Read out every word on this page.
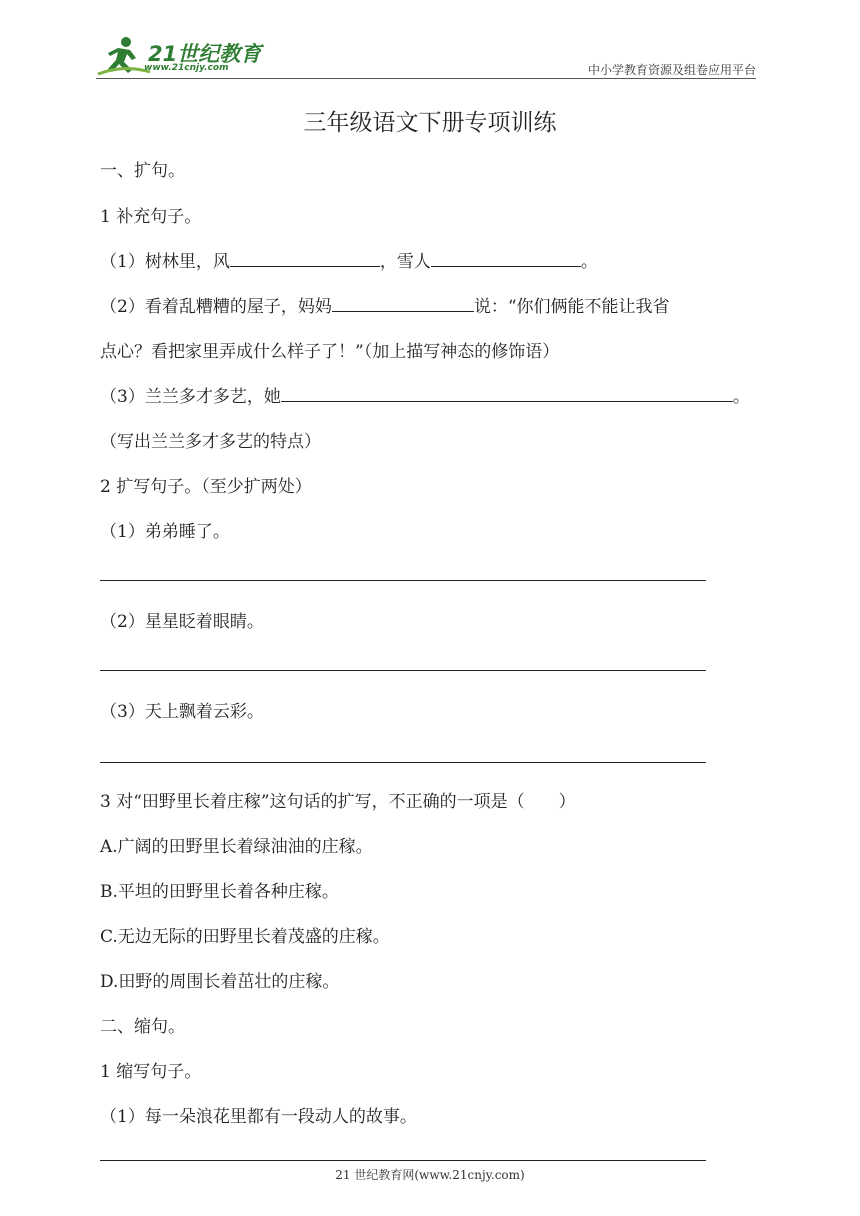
21世纪教育
www.21cnjy.com	中小学教育资源及组卷应用平台
三年级语文下册专项训练
一、扩句。
1 补充句子。
（1）树林里，风	，雪人	。
（2）看着乱糟糟的屋子，妈妈	说：“你们俩能不能让我省
点心？看把家里弄成什么样子了！”（加上描写神态的修饰语）
（3）兰兰多才多艺，她	。
（写出兰兰多才多艺的特点）
2 扩写句子。（至少扩两处）
（1）弟弟睡了。
（2）星星眨着眼睛。
（3）天上飘着云彩。
3 对“田野里长着庄稼”这句话的扩写，不正确的一项是（　　）
A.广阔的田野里长着绿油油的庄稼。
B.平坦的田野里长着各种庄稼。
C.无边无际的田野里长着茂盛的庄稼。
D.田野的周围长着茁壮的庄稼。
二、缩句。
1 缩写句子。
（1）每一朵浪花里都有一段动人的故事。
21 世纪教育网(www.21cnjy.com)
